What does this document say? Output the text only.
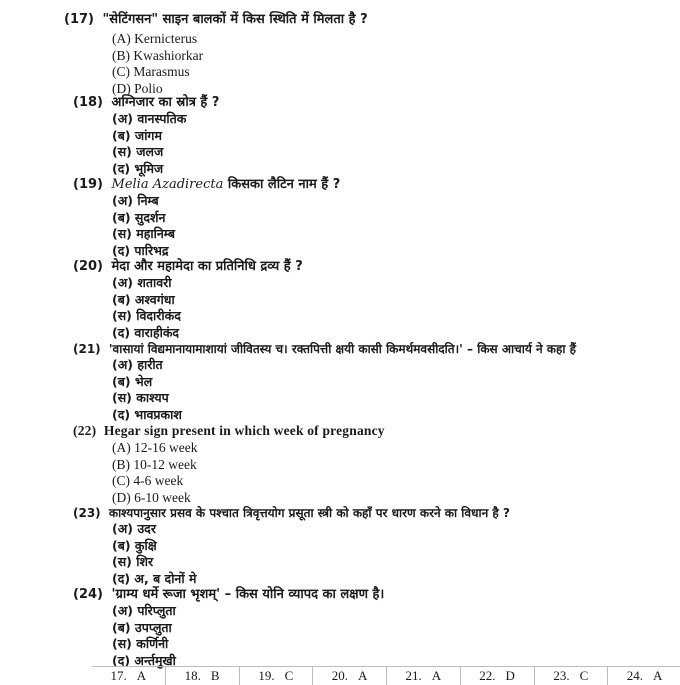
(17) "सेटिंगसन" साइन बालकों में किस स्थिति में मिलता है ?
(A) Kernicterus
(B) Kwashiorkar
(C) Marasmus
(D) Polio
(18) अग्निजार का स्रोत्र हैं ?
(अ) वानस्पतिक
(ब) जांगम
(स) जलज
(द) भूमिज
(19) Melia Azadirecta किसका लैटिन नाम हैं ?
(अ) निम्ब
(ब) सुदर्शन
(स) महानिम्ब
(द) पारिभद्र
(20) मेदा और महामेदा का प्रतिनिधि द्रव्य हैं ?
(अ) शतावरी
(ब) अश्वगंधा
(स) विदारीकंद
(द) वाराहीकंद
(21) 'वासायां विद्यमानायामाशायां जीवितस्य च। रक्तपित्ती क्षयी कासी किमर्थमवसीदति।' – किस आचार्य ने कहा हैं
(अ) हारीत
(ब) भेल
(स) काश्यप
(द) भावप्रकाश
(22) Hegar sign present in which week of pregnancy
(A) 12-16 week
(B) 10-12 week
(C) 4-6 week
(D) 6-10 week
(23) काश्यपानुसार प्रसव के पश्चात त्रिवृत्तयोग प्रसूता स्त्री को कहाँ पर धारण करने का विधान है ?
(अ) उदर
(ब) कुक्षि
(स) शिर
(द) अ, ब दोनों मे
(24) 'ग्राम्य धर्मे रूजा भृशम्' – किस योनि व्यापद का लक्षण है।
(अ) परिप्लुता
(ब) उपप्लुता
(स) कर्णिनी
(द) अर्न्तमुखी
17. A	18. B	19. C	20. A	21. A	22. D	23. C	24. A
